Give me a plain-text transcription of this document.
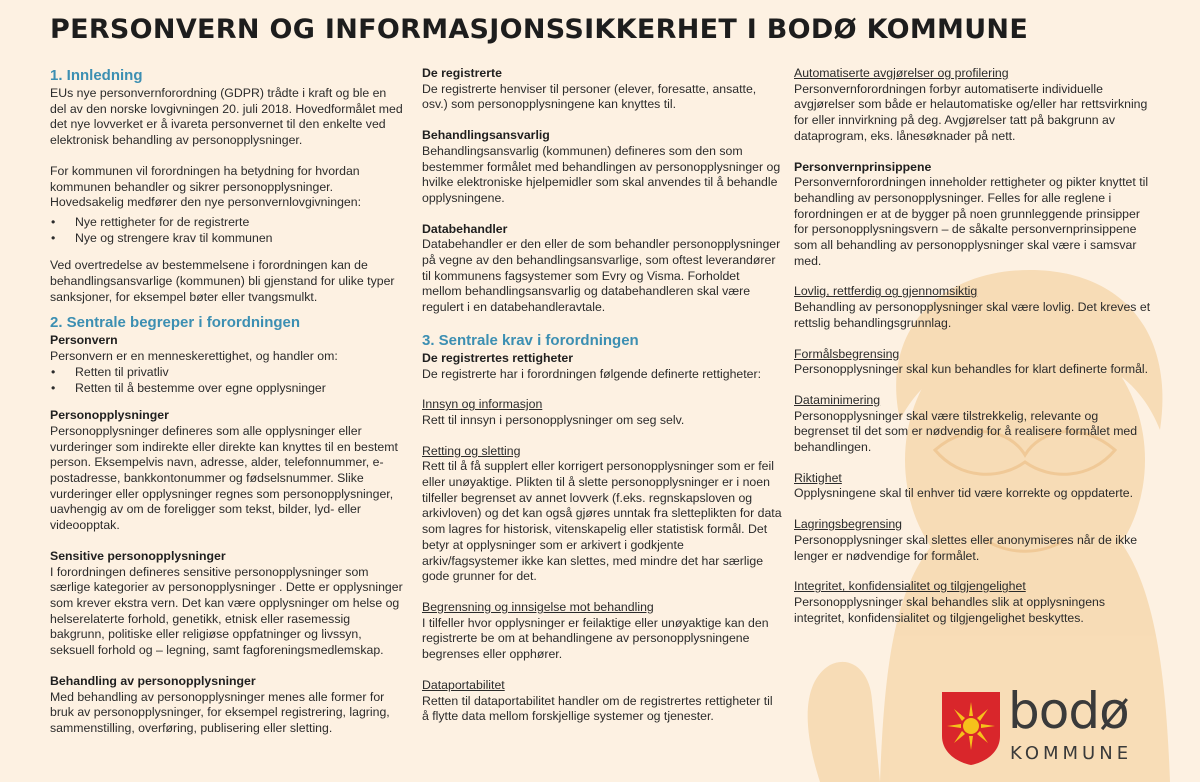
PERSONVERN OG INFORMASJONSSIKKERHET I BODØ KOMMUNE
1. Innledning

EUs nye personvernforordning (GDPR) trådte i kraft og ble en del av den norske lovgivningen 20. juli 2018. Hovedformålet med det nye lovverket er å ivareta personvernet til den enkelte ved elektronisk behandling av personopplysninger.

For kommunen vil forordningen ha betydning for hvordan kommunen behandler og sikrer personopplysninger. Hovedsakelig medfører den nye personvernlovgivningen:

• Nye rettigheter for de registrerte
• Nye og strengere krav til kommunen

Ved overtredelse av bestemmelsene i forordningen kan de behandlingsansvarlige (kommunen) bli gjenstand for ulike typer sanksjoner, for eksempel bøter eller tvangsmulkt.

2. Sentrale begreper i forordningen
Personvern

Personvern er en menneskerettighet, og handler om:

• Retten til privatliv
• Retten til å bestemme over egne opplysninger
Personopplysninger

Personopplysninger defineres som alle opplysninger eller vurderinger som indirekte eller direkte kan knyttes til en bestemt person. Eksempelvis navn, adresse, alder, telefonnummer, e-postadresse, bankkontonummer og fødselsnummer. Slike vurderinger eller opplysninger regnes som personopplysninger, uavhengig av om de foreligger som tekst, bilder, lyd- eller videoopptak.

Sensitive personopplysninger

I forordningen defineres sensitive personopplysninger som særlige kategorier av personopplysninger . Dette er opplysninger som krever ekstra vern. Det kan være opplysninger om helse og helserelaterte forhold, genetikk, etnisk eller rasemessig bakgrunn, politiske eller religiøse oppfatninger og livssyn, seksuell forhold og – legning, samt fagforeningsmedlemskap.

Behandling av personopplysninger

Med behandling av personopplysninger menes alle former for bruk av personopplysninger, for eksempel registrering, lagring, sammenstilling, overføring, publisering eller sletting.

De registrerte

De registrerte henviser til personer (elever, foresatte, ansatte, osv.) som personopplysningene kan knyttes til.

Behandlingsansvarlig

Behandlingsansvarlig (kommunen) defineres som den som bestemmer formålet med behandlingen av personopplysninger og hvilke elektroniske hjelpemidler som skal anvendes til å behandle opplysningene.

Databehandler

Databehandler er den eller de som behandler personopplysninger på vegne av den behandlingsansvarlige, som oftest leverandører til kommunens fagsystemer som Evry og Visma. Forholdet mellom behandlingsansvarlig og databehandleren skal være regulert i en databehandleravtale.

3. Sentrale krav i forordningen
De registrertes rettigheter

De registrerte har i forordningen følgende definerte rettigheter:

Innsyn og informasjon

Rett til innsyn i personopplysninger om seg selv.

Retting og sletting

Rett til å få supplert eller korrigert personopplysninger som er feil eller unøyaktige. Plikten til å slette personopplysninger er i noen tilfeller begrenset av annet lovverk (f.eks. regnskapsloven og arkivloven) og det kan også gjøres unntak fra sletteplikten for data som lagres for historisk, vitenskapelig eller statistisk formål. Det betyr at opplysninger som er arkivert i godkjente arkiv/fagsystemer ikke kan slettes, med mindre det har særlige gode grunner for det.

Begrensning og innsigelse mot behandling

I tilfeller hvor opplysninger er feilaktige eller unøyaktige kan den registrerte be om at behandlingene av personopplysningene begrenses eller opphører.

Dataportabilitet

Retten til dataportabilitet handler om de registrertes rettigheter til å flytte data mellom forskjellige systemer og tjenester.

Automatiserte avgjørelser og profilering

Personvernforordningen forbyr automatiserte individuelle avgjørelser som både er helautomatiske og/eller har rettsvirkning for eller innvirkning på deg. Avgjørelser tatt på bakgrunn av dataprogram, eks. lånesøknader på nett.

Personvernprinsippene

Personvernforordningen inneholder rettigheter og pikter knyttet til behandling av personopplysninger. Felles for alle reglene i forordningen er at de bygger på noen grunnleggende prinsipper for personopplysningsvern – de såkalte personvernprinsippene som all behandling av personopplysninger skal være i samsvar med.

Lovlig, rettferdig og gjennomsiktig

Behandling av personopplysninger skal være lovlig. Det kreves et rettslig behandlingsgrunnlag.

Formålsbegrensing

Personopplysninger skal kun behandles for klart definerte formål.

Dataminimering

Personopplysninger skal være tilstrekkelig, relevante og begrenset til det som er nødvendig for å realisere formålet med behandlingen.

Riktighet

Opplysningene skal til enhver tid være korrekte og oppdaterte.

Lagringsbegrensing

Personopplysninger skal slettes eller anonymiseres når de ikke lenger er nødvendige for formålet.

Integritet, konfidensialitet og tilgjengelighet

Personopplysninger skal behandles slik at opplysningens integritet, konfidensialitet og tilgjengelighet beskyttes.

bodø
KOMMUNE
